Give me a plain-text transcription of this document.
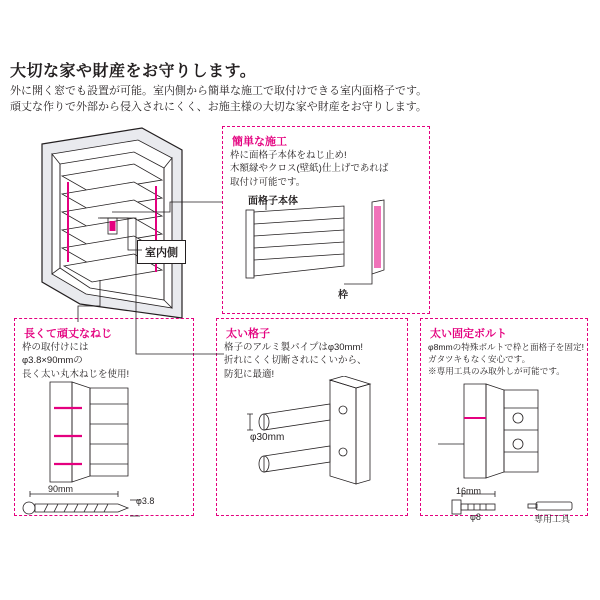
大切な家や財産をお守りします。
外に開く窓でも設置が可能。室内側から簡単な施工で取付けできる室内面格子です。
頑丈な作りで外部から侵入されにくく、お施主様の大切な家や財産をお守りします。
室内側
簡単な施工
枠に面格子本体をねじ止め!
木額縁やクロス(壁紙)仕上げであれば
取付け可能です。
面格子本体
枠
長くて頑丈なねじ
枠の取付けには
φ3.8×90mmの
長く太い丸木ねじを使用!
90mm
φ3.8
太い格子
格子のアルミ製パイプはφ30mm!
折れにくく切断されにくいから、
防犯に最適!
φ30mm
太い固定ボルト
φ8mmの特殊ボルトで枠と面格子を固定!
ガタツキもなく安心です。
※専用工具のみ取外しが可能です。
16mm
φ8	専用工具
